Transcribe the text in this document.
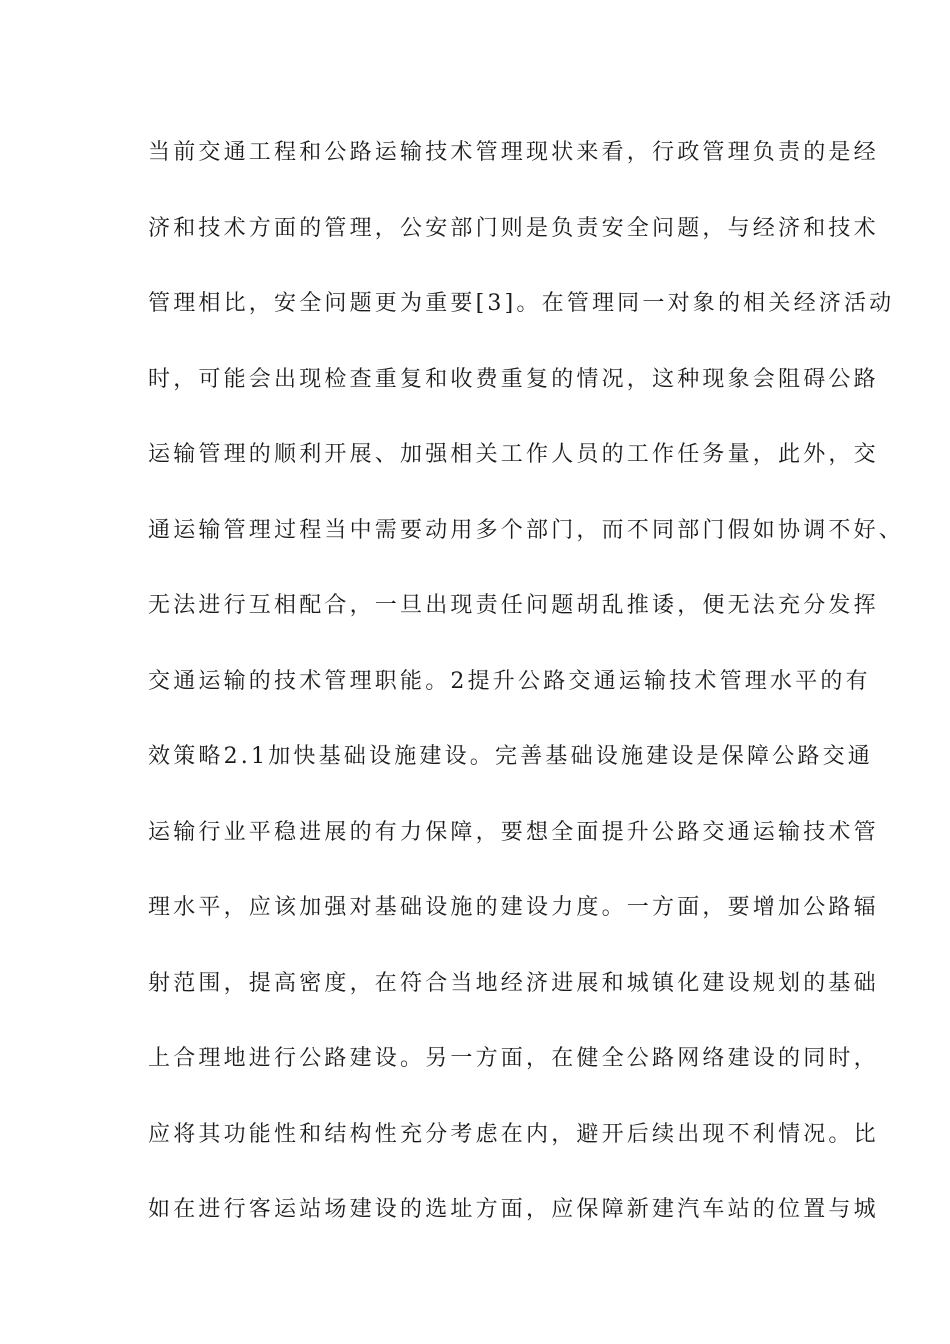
当前交通工程和公路运输技术管理现状来看，行政管理负责的是经
济和技术方面的管理，公安部门则是负责安全问题，与经济和技术
管理相比，安全问题更为重要[3]。在管理同一对象的相关经济活动
时，可能会出现检查重复和收费重复的情况，这种现象会阻碍公路
运输管理的顺利开展、加强相关工作人员的工作任务量，此外，交
通运输管理过程当中需要动用多个部门，而不同部门假如协调不好、
无法进行互相配合，一旦出现责任问题胡乱推诿，便无法充分发挥
交通运输的技术管理职能。2提升公路交通运输技术管理水平的有
效策略2.1加快基础设施建设。完善基础设施建设是保障公路交通
运输行业平稳进展的有力保障，要想全面提升公路交通运输技术管
理水平，应该加强对基础设施的建设力度。一方面，要增加公路辐
射范围，提高密度，在符合当地经济进展和城镇化建设规划的基础
上合理地进行公路建设。另一方面，在健全公路网络建设的同时，
应将其功能性和结构性充分考虑在内，避开后续出现不利情况。比
如在进行客运站场建设的选址方面，应保障新建汽车站的位置与城
